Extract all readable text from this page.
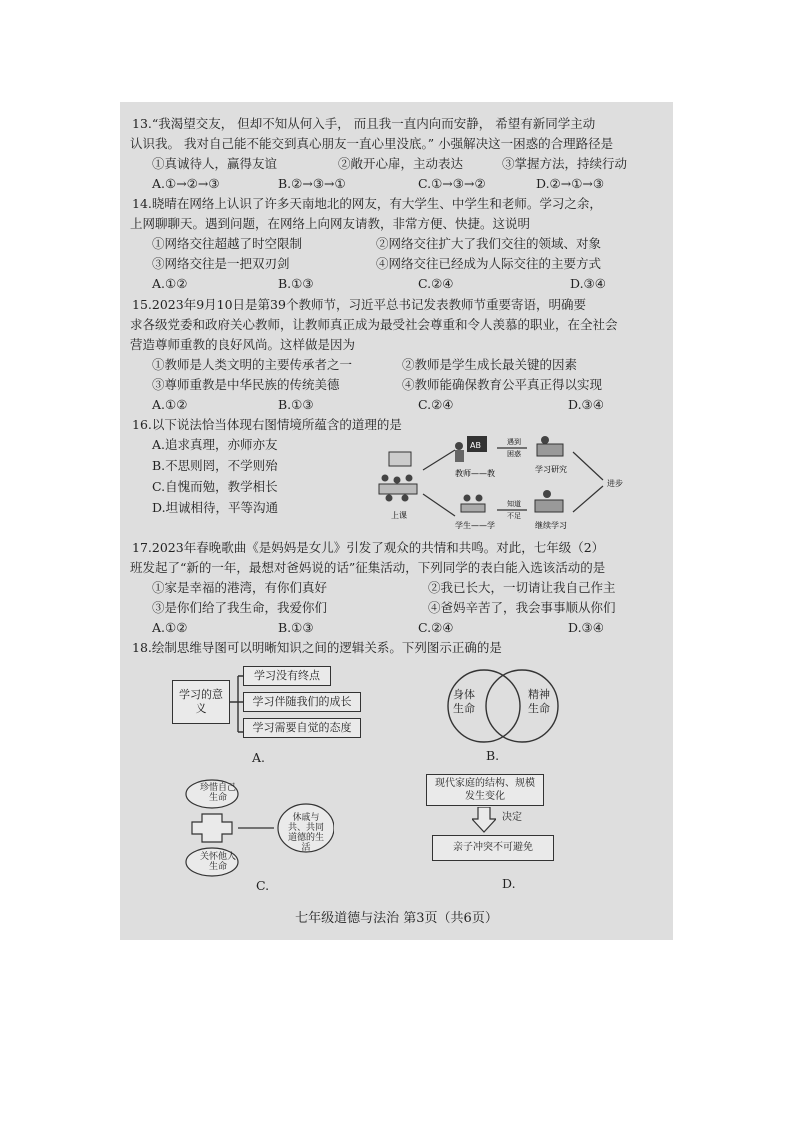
13.“我渴望交友， 但却不知从何入手， 而且我一直内向而安静， 希望有新同学主动
认识我。 我对自己能不能交到真心朋友一直心里没底。” 小强解决这一困惑的合理路径是
①真诚待人，赢得友谊	②敞开心扉，主动表达	③掌握方法，持续行动
A.①→②→③	B.②→③→①	C.①→③→②	D.②→①→③
14.晓晴在网络上认识了许多天南地北的网友，有大学生、中学生和老师。学习之余，
上网聊聊天。遇到问题，在网络上向网友请教，非常方便、快捷。这说明
①网络交往超越了时空限制	②网络交往扩大了我们交往的领域、对象
③网络交往是一把双刃剑	④网络交往已经成为人际交往的主要方式
A.①②	B.①③	C.②④	D.③④
15.2023年9月10日是第39个教师节，习近平总书记发表教师节重要寄语，明确要
求各级党委和政府关心教师，让教师真正成为最受社会尊重和令人羡慕的职业，在全社会
营造尊师重教的良好风尚。这样做是因为
①教师是人类文明的主要传承者之一	②教师是学生成长最关键的因素
③尊师重教是中华民族的传统美德	④教师能确保教育公平真正得以实现
A.①②	B.①③	C.②④	D.③④
16.以下说法恰当体现右图情境所蕴含的道理的是
A.追求真理，亦师亦友
B.不思则罔，不学则殆
C.自愧而勉，教学相长
D.坦诚相待，平等沟通
上课
AB
教师——教
遇到
困惑
学习研究
学生——学
知道
不足
继续学习
进步
17.2023年春晚歌曲《是妈妈是女儿》引发了观众的共情和共鸣。对此，七年级（2）
班发起了“新的一年，最想对爸妈说的话”征集活动，下列同学的表白能入选该活动的是
①家是幸福的港湾，有你们真好	②我已长大，一切请让我自己作主
③是你们给了我生命，我爱你们	④爸妈辛苦了，我会事事顺从你们
A.①②	B.①③	C.②④	D.③④
18.绘制思维导图可以明晰知识之间的逻辑关系。下列图示正确的是
学习的意义
学习没有终点
学习伴随我们的成长
学习需要自觉的态度
A.
身体生命
精神生命
B.
珍惜自己生命
关怀他人生命
休戚与共、共同道德的生活
C.
现代家庭的结构、规模发生变化
决定
亲子冲突不可避免
D.
七年级道德与法治 第3页（共6页）
